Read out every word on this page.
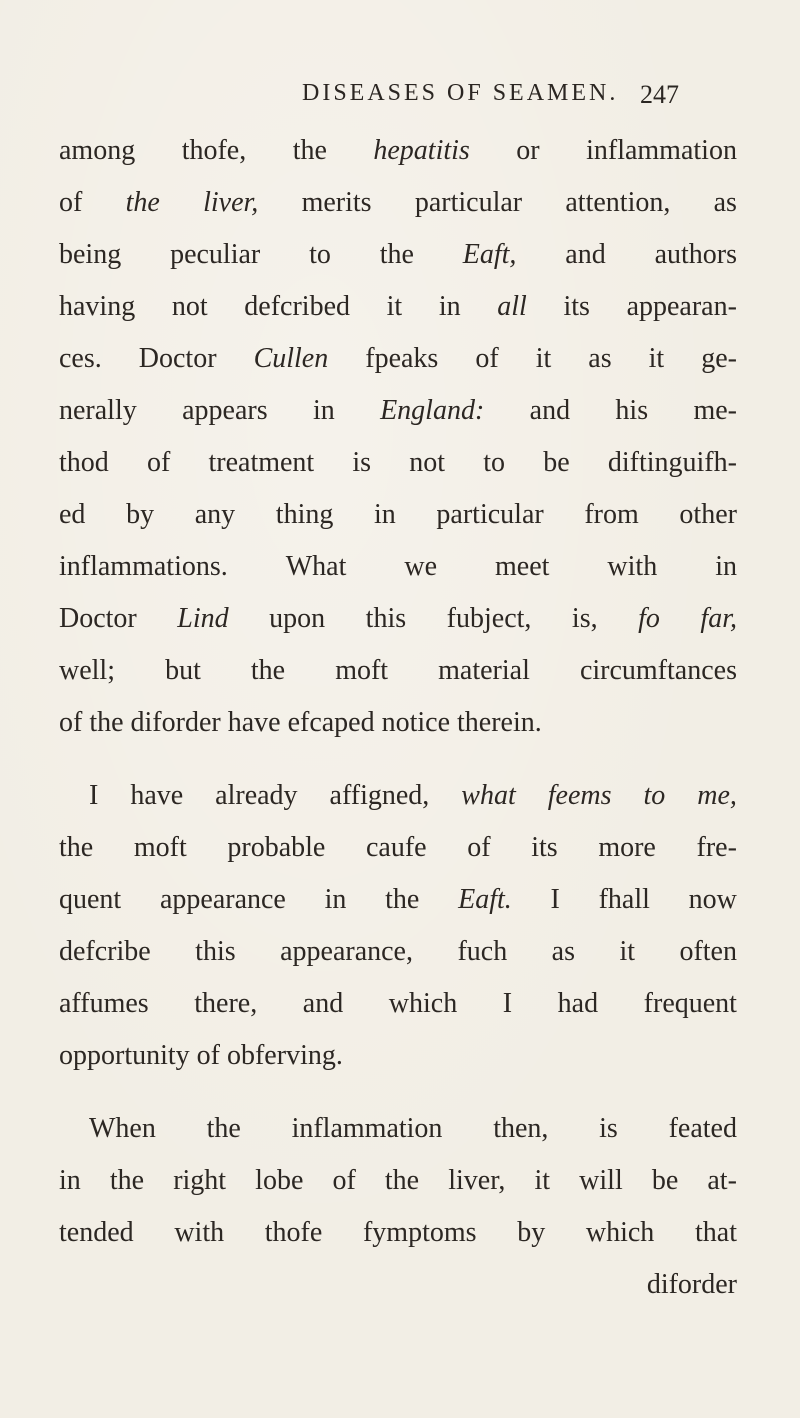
DISEASES OF SEAMEN. 247
among thofe, the hepatitis or inflammation
of the liver, merits particular attention, as
being peculiar to the Eaft, and authors
having not defcribed it in all its appearan-
ces. Doctor Cullen fpeaks of it as it ge-
nerally appears in England: and his me-
thod of treatment is not to be diftinguifh-
ed by any thing in particular from other
inflammations. What we meet with in
Doctor Lind upon this fubject, is, fo far,
well; but the moft material circumftances
of the diforder have efcaped notice therein.
I have already affigned, what feems to me,
the moft probable caufe of its more fre-
quent appearance in the Eaft. I fhall now
defcribe this appearance, fuch as it often
affumes there, and which I had frequent
opportunity of obferving.
When the inflammation then, is feated
in the right lobe of the liver, it will be at-
tended with thofe fymptoms by which that
diforder
